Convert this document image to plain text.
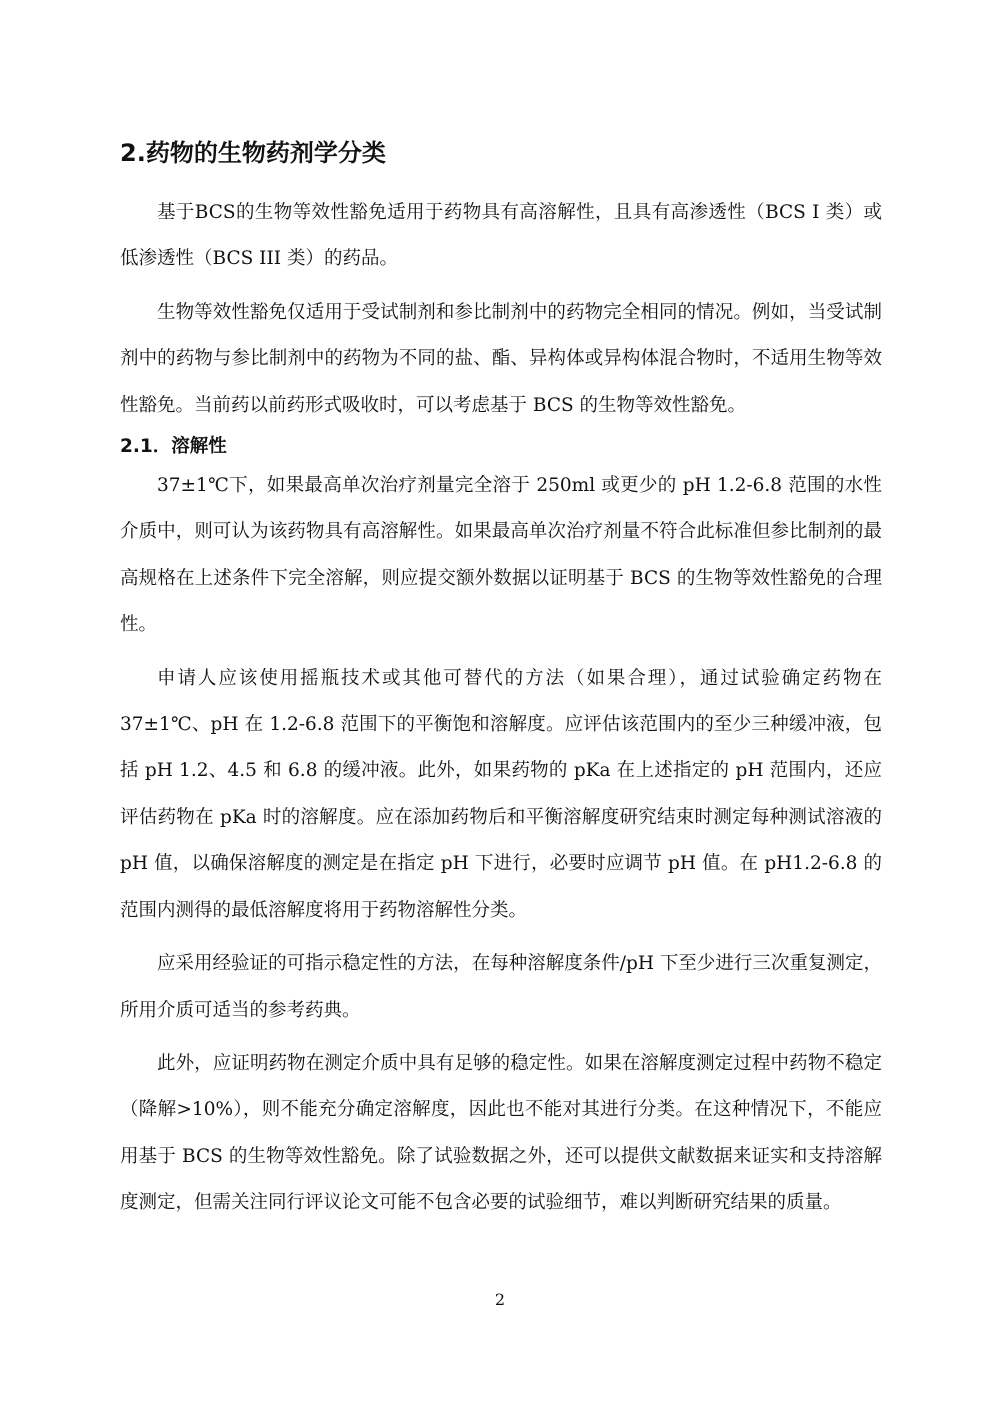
2.药物的生物药剂学分类

基于BCS的生物等效性豁免适用于药物具有高溶解性，且具有高渗透性（BCS I 类）或低渗透性（BCS III 类）的药品。

生物等效性豁免仅适用于受试制剂和参比制剂中的药物完全相同的情况。例如，当受试制剂中的药物与参比制剂中的药物为不同的盐、酯、异构体或异构体混合物时，不适用生物等效性豁免。当前药以前药形式吸收时，可以考虑基于 BCS 的生物等效性豁免。

2.1．溶解性

37±1℃下，如果最高单次治疗剂量完全溶于 250ml 或更少的 pH 1.2-6.8 范围的水性介质中，则可认为该药物具有高溶解性。如果最高单次治疗剂量不符合此标准但参比制剂的最高规格在上述条件下完全溶解，则应提交额外数据以证明基于 BCS 的生物等效性豁免的合理性。

申请人应该使用摇瓶技术或其他可替代的方法（如果合理），通过试验确定药物在 37±1℃、pH 在 1.2-6.8 范围下的平衡饱和溶解度。应评估该范围内的至少三种缓冲液，包括 pH 1.2、4.5 和 6.8 的缓冲液。此外，如果药物的 pKa 在上述指定的 pH 范围内，还应评估药物在 pKa 时的溶解度。应在添加药物后和平衡溶解度研究结束时测定每种测试溶液的 pH 值，以确保溶解度的测定是在指定 pH 下进行，必要时应调节 pH 值。在 pH1.2-6.8 的范围内测得的最低溶解度将用于药物溶解性分类。

应采用经验证的可指示稳定性的方法，在每种溶解度条件/pH 下至少进行三次重复测定，所用介质可适当的参考药典。

此外，应证明药物在测定介质中具有足够的稳定性。如果在溶解度测定过程中药物不稳定（降解>10%），则不能充分确定溶解度，因此也不能对其进行分类。在这种情况下，不能应用基于 BCS 的生物等效性豁免。除了试验数据之外，还可以提供文献数据来证实和支持溶解度测定，但需关注同行评议论文可能不包含必要的试验细节，难以判断研究结果的质量。

2
